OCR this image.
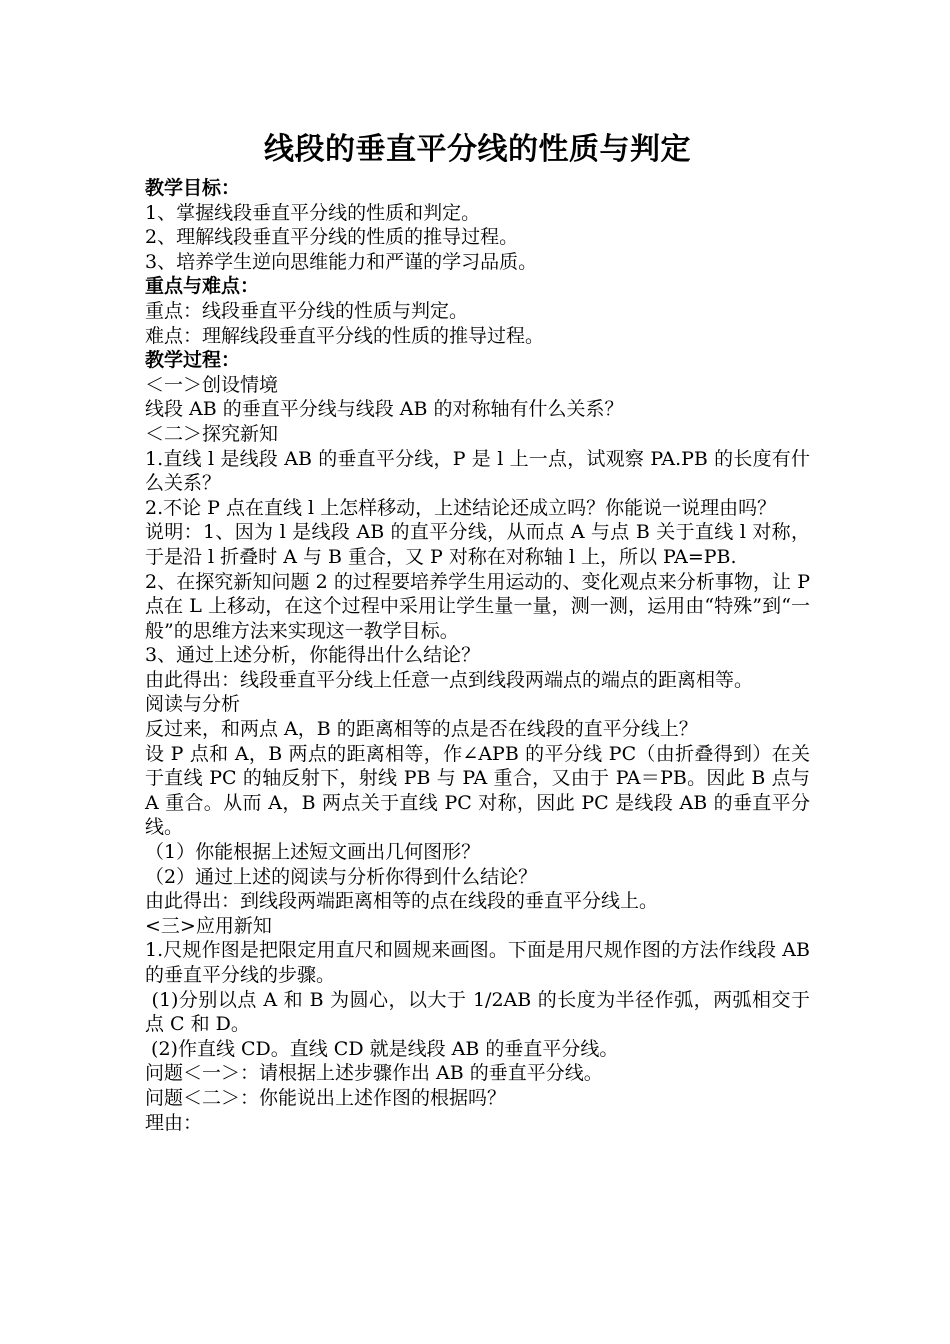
线段的垂直平分线的性质与判定

教学目标：

1、掌握线段垂直平分线的性质和判定。

2、理解线段垂直平分线的性质的推导过程。

3、培养学生逆向思维能力和严谨的学习品质。

重点与难点：

重点：线段垂直平分线的性质与判定。

难点：理解线段垂直平分线的性质的推导过程。

教学过程：

＜一＞创设情境

线段 AB 的垂直平分线与线段 AB 的对称轴有什么关系？

＜二＞探究新知

1.直线 l 是线段 AB 的垂直平分线，P 是 l 上一点，试观察 PA.PB 的长度有什么关系？

2.不论 P 点在直线 l 上怎样移动，上述结论还成立吗？你能说一说理由吗？

说明：1、因为 l 是线段 AB 的直平分线，从而点 A 与点 B 关于直线 l 对称，于是沿 l 折叠时 A 与 B 重合，又 P 对称在对称轴 l 上，所以 PA=PB.

2、在探究新知问题 2 的过程要培养学生用运动的、变化观点来分析事物，让 P 点在 L 上移动，在这个过程中采用让学生量一量，测一测，运用由“特殊”到“一般”的思维方法来实现这一教学目标。

3、通过上述分析，你能得出什么结论？

由此得出：线段垂直平分线上任意一点到线段两端点的端点的距离相等。

阅读与分析

反过来，和两点 A，B 的距离相等的点是否在线段的直平分线上？

设 P 点和 A，B 两点的距离相等，作∠APB 的平分线 PC（由折叠得到）在关于直线 PC 的轴反射下，射线 PB 与 PA 重合，又由于 PA＝PB。因此 B 点与 A 重合。从而 A，B 两点关于直线 PC 对称，因此 PC 是线段 AB 的垂直平分线。

（1）你能根据上述短文画出几何图形？

（2）通过上述的阅读与分析你得到什么结论？

由此得出：到线段两端距离相等的点在线段的垂直平分线上。

<三>应用新知

1.尺规作图是把限定用直尺和圆规来画图。下面是用尺规作图的方法作线段 AB 的垂直平分线的步骤。

(1)分别以点 A 和 B 为圆心，以大于 1/2AB 的长度为半径作弧，两弧相交于点 C 和 D。

(2)作直线 CD。直线 CD 就是线段 AB 的垂直平分线。

问题＜一＞：请根据上述步骤作出 AB 的垂直平分线。

问题＜二＞：你能说出上述作图的根据吗？

理由：
